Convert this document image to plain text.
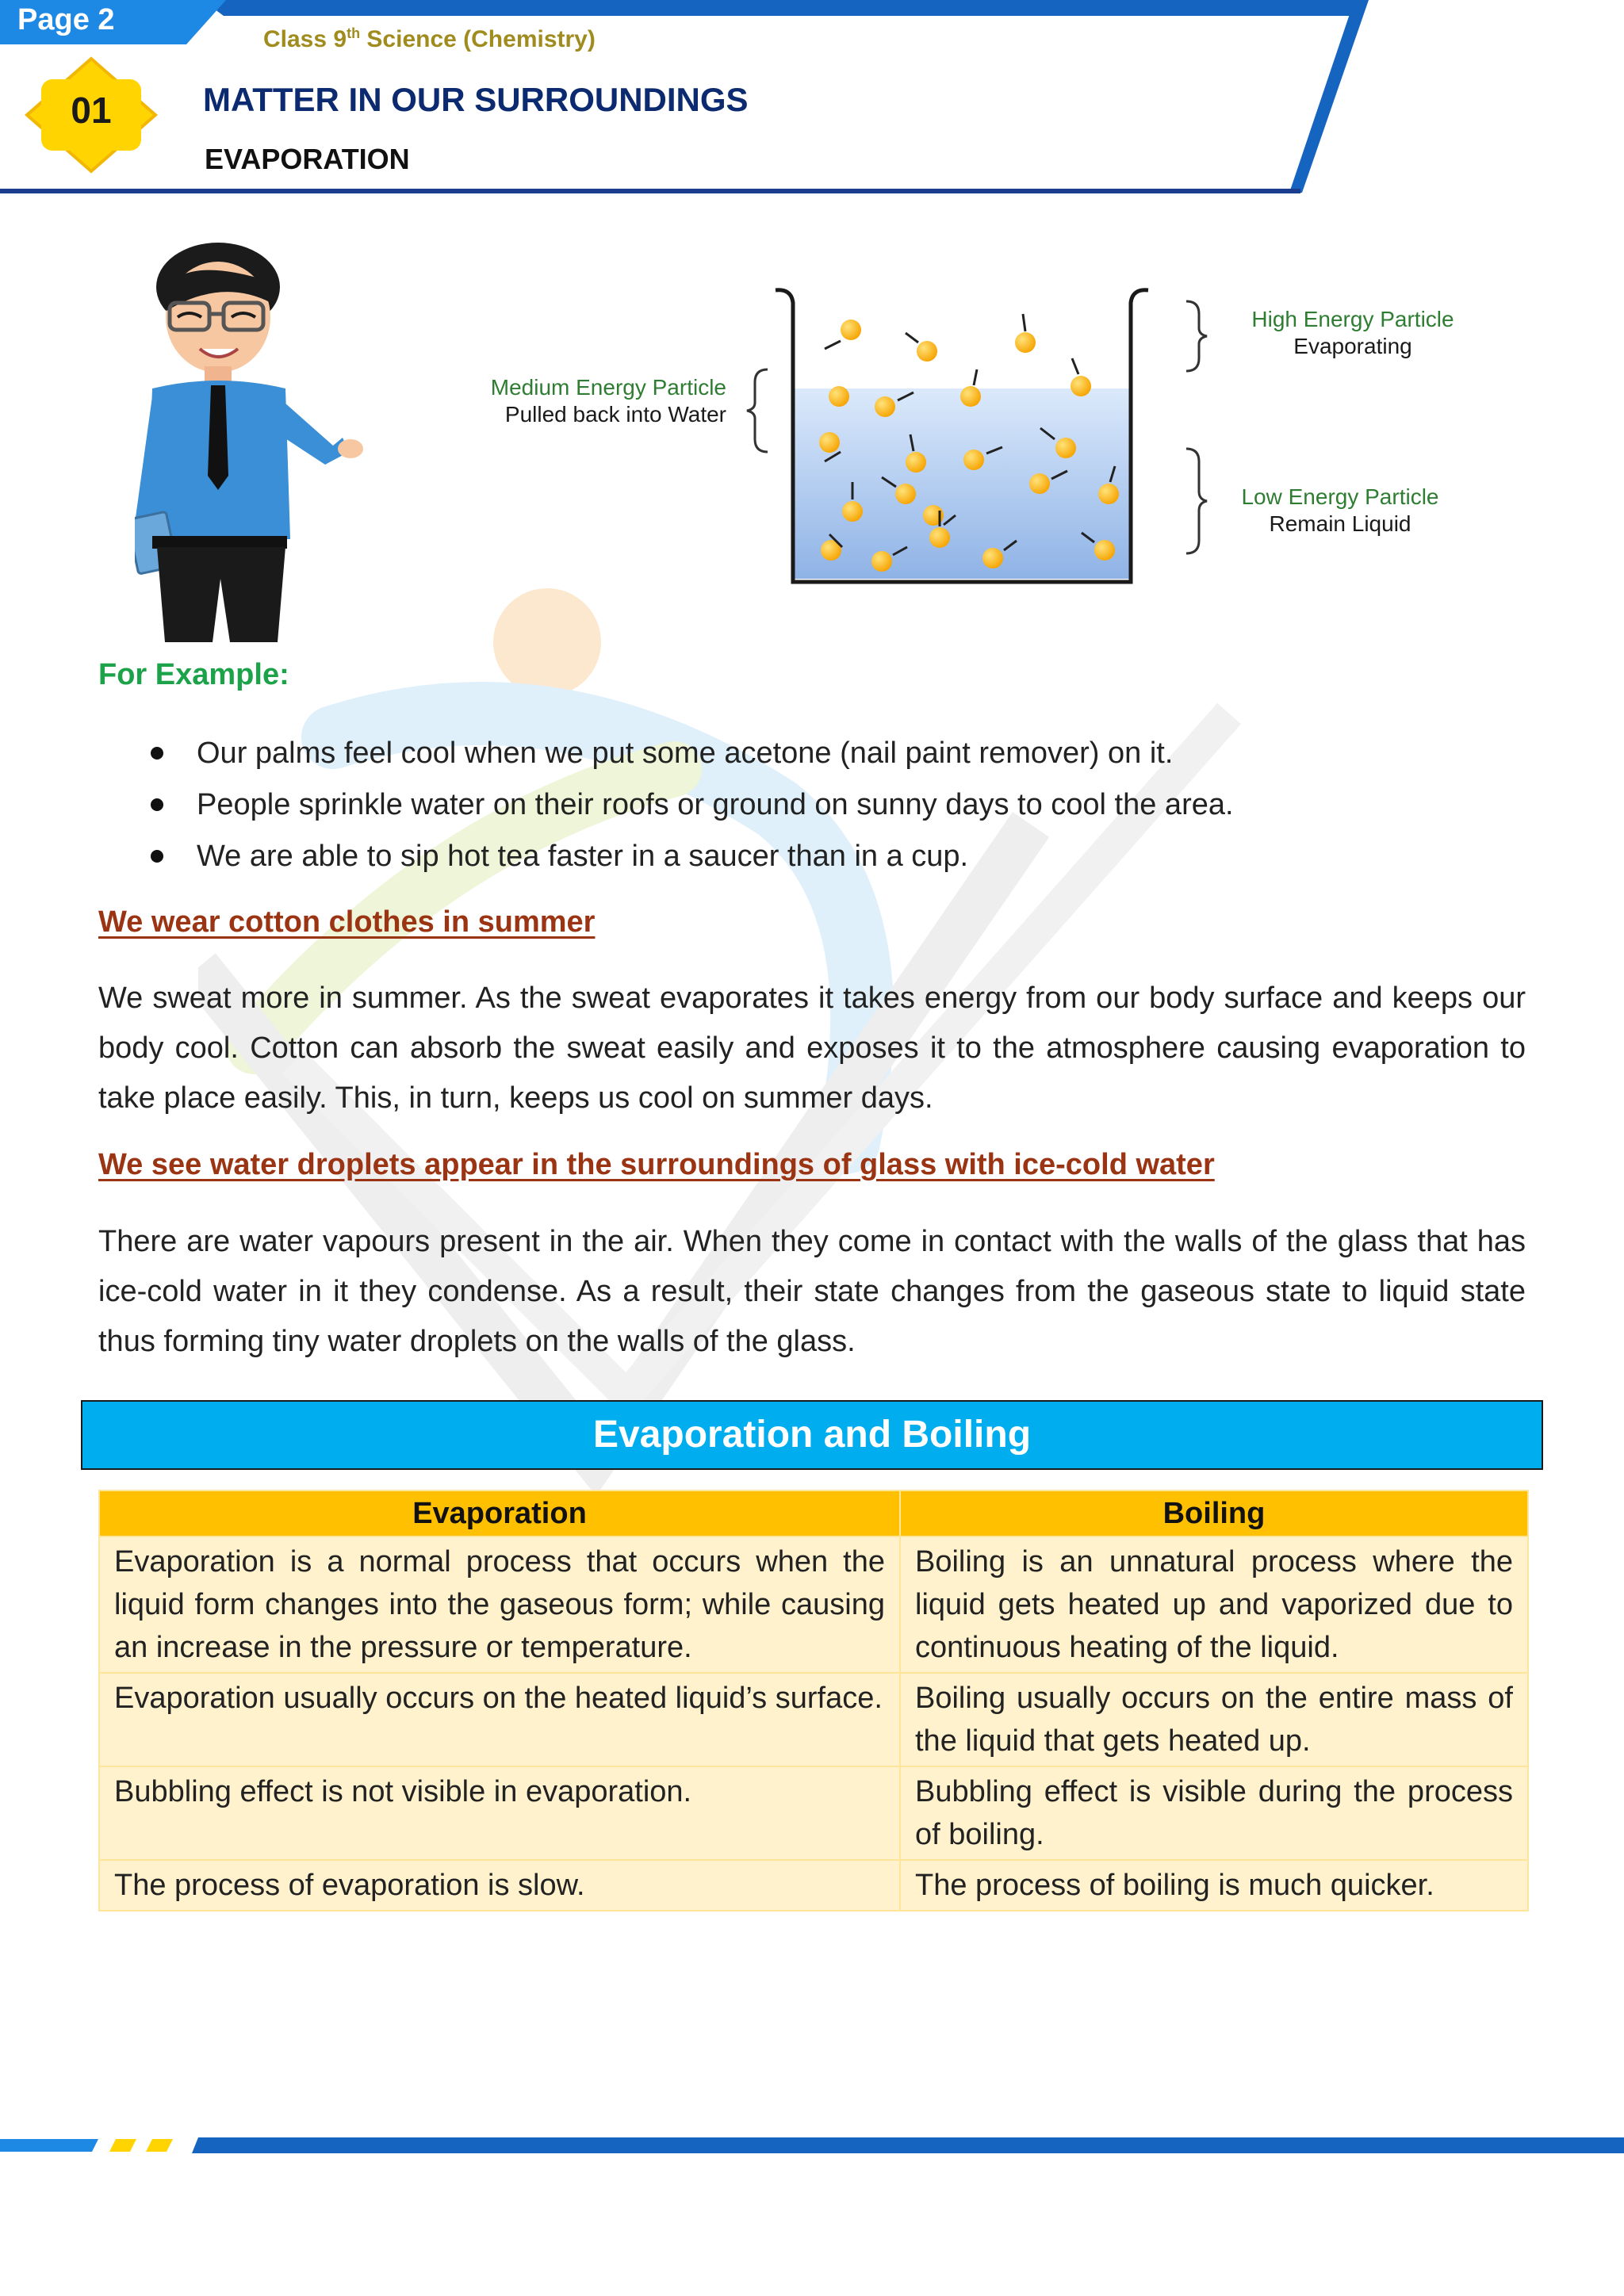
Page 2
Class 9th Science (Chemistry)
01	MATTER IN OUR SURROUNDINGS
EVAPORATION
Medium Energy Particle
Pulled back into Water
High Energy Particle
Evaporating
Low Energy Particle
Remain Liquid
For Example:
Our palms feel cool when we put some acetone (nail paint remover) on it.
People sprinkle water on their roofs or ground on sunny days to cool the area.
We are able to sip hot tea faster in a saucer than in a cup.
We wear cotton clothes in summer
We sweat more in summer. As the sweat evaporates it takes energy from our body surface and keeps our body cool. Cotton can absorb the sweat easily and exposes it to the atmosphere causing evaporation to take place easily. This, in turn, keeps us cool on summer days.
We see water droplets appear in the surroundings of glass with ice-cold water
There are water vapours present in the air. When they come in contact with the walls of the glass that has ice-cold water in it they condense. As a result, their state changes from the gaseous state to liquid state thus forming tiny water droplets on the walls of the glass.
Evaporation and Boiling
Evaporation	Boiling
Evaporation is a normal process that occurs when the liquid form changes into the gaseous form; while causing an increase in the pressure or temperature.	Boiling is an unnatural process where the liquid gets heated up and vaporized due to continuous heating of the liquid.
Evaporation usually occurs on the heated liquid’s surface.	Boiling usually occurs on the entire mass of the liquid that gets heated up.
Bubbling effect is not visible in evaporation.	Bubbling effect is visible during the process of boiling.
The process of evaporation is slow.	The process of boiling is much quicker.
